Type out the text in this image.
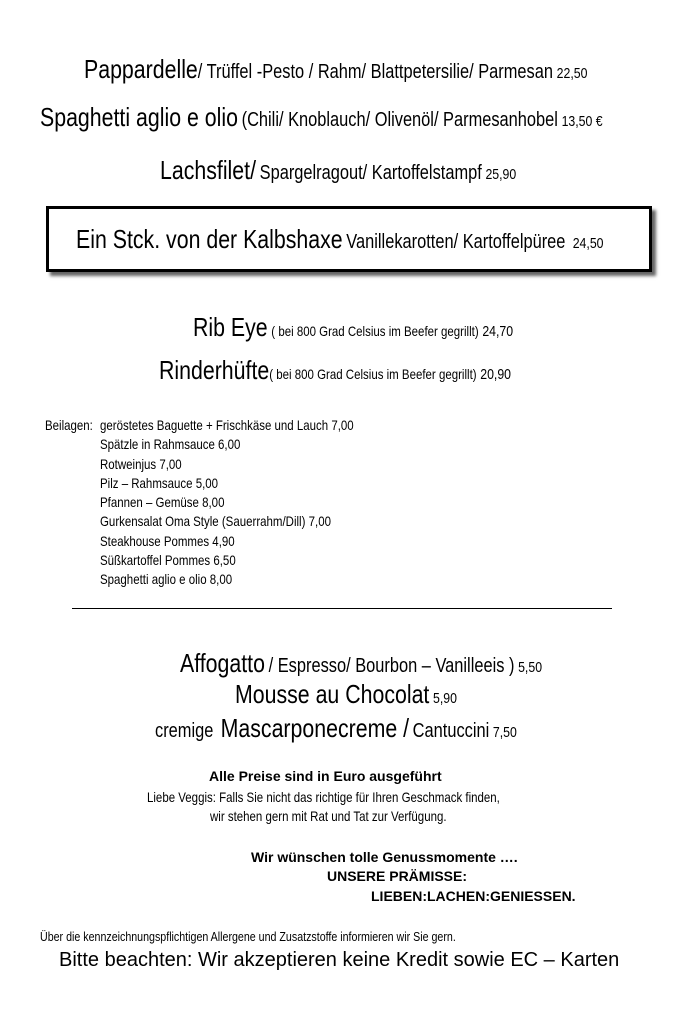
Pappardelle/ Trüffel -Pesto / Rahm/ Blattpetersilie/ Parmesan 22,50
Spaghetti aglio e olio (Chili/ Knoblauch/ Olivenöl/ Parmesanhobel 13,50 €
Lachsfilet/ Spargelragout/ Kartoffelstampf 25,90
Ein Stck. von der Kalbshaxe Vanillekarotten/ Kartoffelpüree 24,50
Rib Eye ( bei 800 Grad Celsius im Beefer gegrillt) 24,70
Rinderhüfte( bei 800 Grad Celsius im Beefer gegrillt) 20,90
Beilagen: geröstetes Baguette + Frischkäse und Lauch 7,00
Spätzle in Rahmsauce 6,00
Rotweinjus 7,00
Pilz – Rahmsauce 5,00
Pfannen – Gemüse 8,00
Gurkensalat Oma Style (Sauerrahm/Dill) 7,00
Steakhouse Pommes 4,90
Süßkartoffel Pommes 6,50
Spaghetti aglio e olio 8,00
Affogatto / Espresso/ Bourbon – Vanilleeis ) 5,50
Mousse au Chocolat 5,90
cremige Mascarponecreme / Cantuccini 7,50
Alle Preise sind in Euro ausgeführt
Liebe Veggis: Falls Sie nicht das richtige für Ihren Geschmack finden,
wir stehen gern mit Rat und Tat zur Verfügung.
Wir wünschen tolle Genussmomente ….
UNSERE PRÄMISSE:
LIEBEN:LACHEN:GENIESSEN.
Über die kennzeichnungspflichtigen Allergene und Zusatzstoffe informieren wir Sie gern.
Bitte beachten: Wir akzeptieren keine Kredit sowie EC – Karten
